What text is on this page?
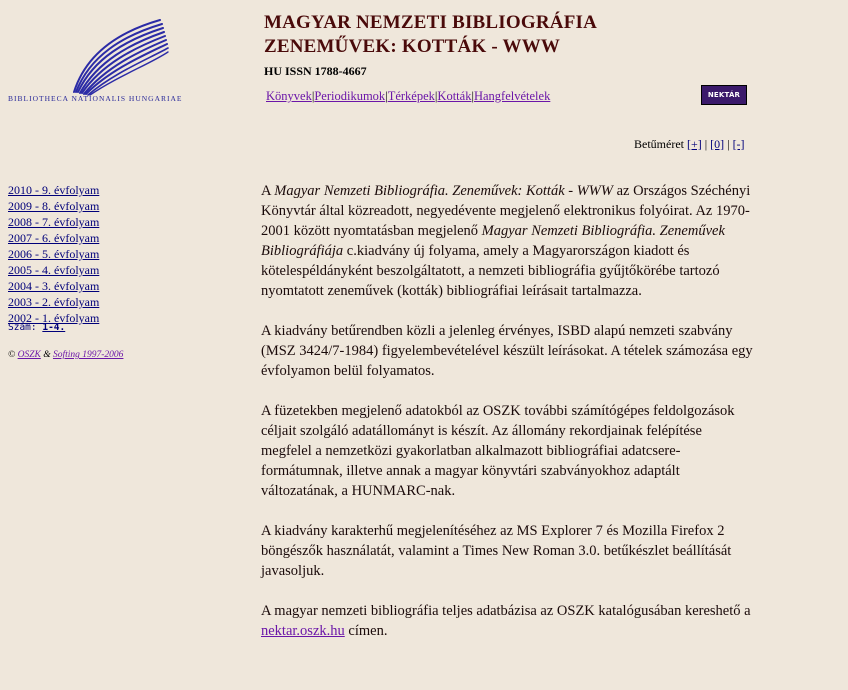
BIBLIOTHECA NATIONALIS HUNGARIAE
MAGYAR NEMZETI BIBLIOGRÁFIA
ZENEMŰVEK: KOTTÁK - WWW
HU ISSN 1788-4667
Könyvek|Periodikumok|Térképek|Kották|Hangfelvételek	NEKTÁR
Betűméret [+] | [0] | [-]
2010 - 9. évfolyam
2009 - 8. évfolyam
2008 - 7. évfolyam
2007 - 6. évfolyam
2006 - 5. évfolyam
2005 - 4. évfolyam
2004 - 3. évfolyam
2003 - 2. évfolyam
2002 - 1. évfolyam
Szám: 1-4.
© OSZK & Softing 1997-2006

A Magyar Nemzeti Bibliográfia. Zeneművek: Kották - WWW az Országos Széchényi Könyvtár által közreadott, negyedévente megjelenő elektronikus folyóirat. Az 1970-2001 között nyomtatásban megjelenő Magyar Nemzeti Bibliográfia. Zeneművek Bibliográfiája c.kiadvány új folyama, amely a Magyarországon kiadott és kötelespéldányként beszolgáltatott, a nemzeti bibliográfia gyűjtőkörébe tartozó nyomtatott zeneművek (kották) bibliográfiai leírásait tartalmazza.

A kiadvány betűrendben közli a jelenleg érvényes, ISBD alapú nemzeti szabvány (MSZ 3424/7-1984) figyelembevételével készült leírásokat. A tételek számozása egy évfolyamon belül folyamatos.

A füzetekben megjelenő adatokból az OSZK további számítógépes feldolgozások céljait szolgáló adatállományt is készít. Az állomány rekordjainak felépítése megfelel a nemzetközi gyakorlatban alkalmazott bibliográfiai adatcsere-formátumnak, illetve annak a magyar könyvtári szabványokhoz adaptált változatának, a HUNMARC-nak.

A kiadvány karakterhű megjelenítéséhez az MS Explorer 7 és Mozilla Firefox 2 böngészők használatát, valamint a Times New Roman 3.0. betűkészlet beállítását javasoljuk.

A magyar nemzeti bibliográfia teljes adatbázisa az OSZK katalógusában kereshető a nektar.oszk.hu címen.
